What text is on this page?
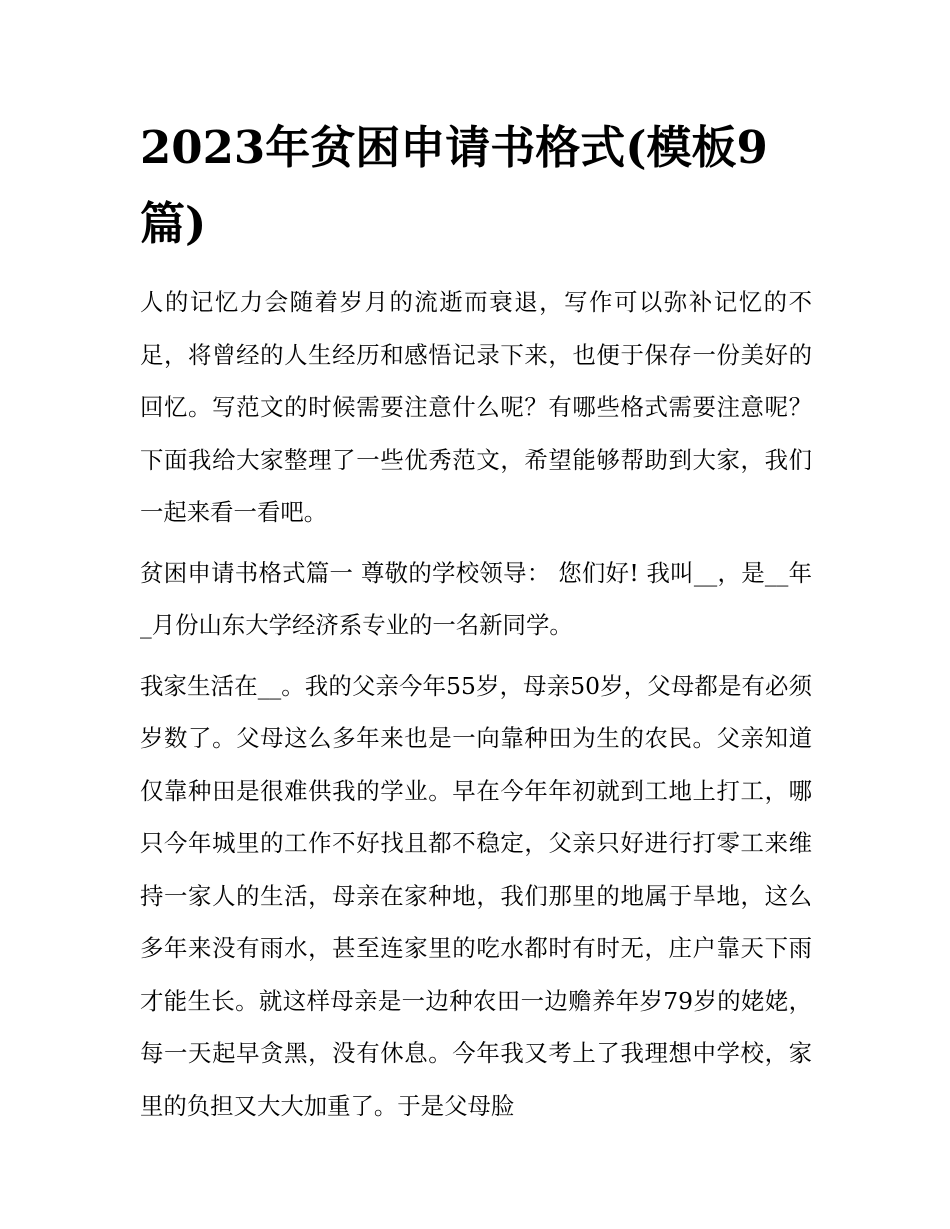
2023年贫困申请书格式(模板9篇)

人的记忆力会随着岁月的流逝而衰退，写作可以弥补记忆的不足，将曾经的人生经历和感悟记录下来，也便于保存一份美好的回忆。写范文的时候需要注意什么呢？有哪些格式需要注意呢？下面我给大家整理了一些优秀范文，希望能够帮助到大家，我们一起来看一看吧。

贫困申请书格式篇一 尊敬的学校领导： 您们好! 我叫__，是__年_月份山东大学经济系专业的一名新同学。

我家生活在__。我的父亲今年55岁，母亲50岁，父母都是有必须岁数了。父母这么多年来也是一向靠种田为生的农民。父亲知道仅靠种田是很难供我的学业。早在今年年初就到工地上打工，哪只今年城里的工作不好找且都不稳定，父亲只好进行打零工来维持一家人的生活，母亲在家种地，我们那里的地属于旱地，这么多年来没有雨水，甚至连家里的吃水都时有时无，庄户靠天下雨才能生长。就这样母亲是一边种农田一边赡养年岁79岁的姥姥，每一天起早贪黑，没有休息。今年我又考上了我理想中学校，家里的负担又大大加重了。于是父母脸
